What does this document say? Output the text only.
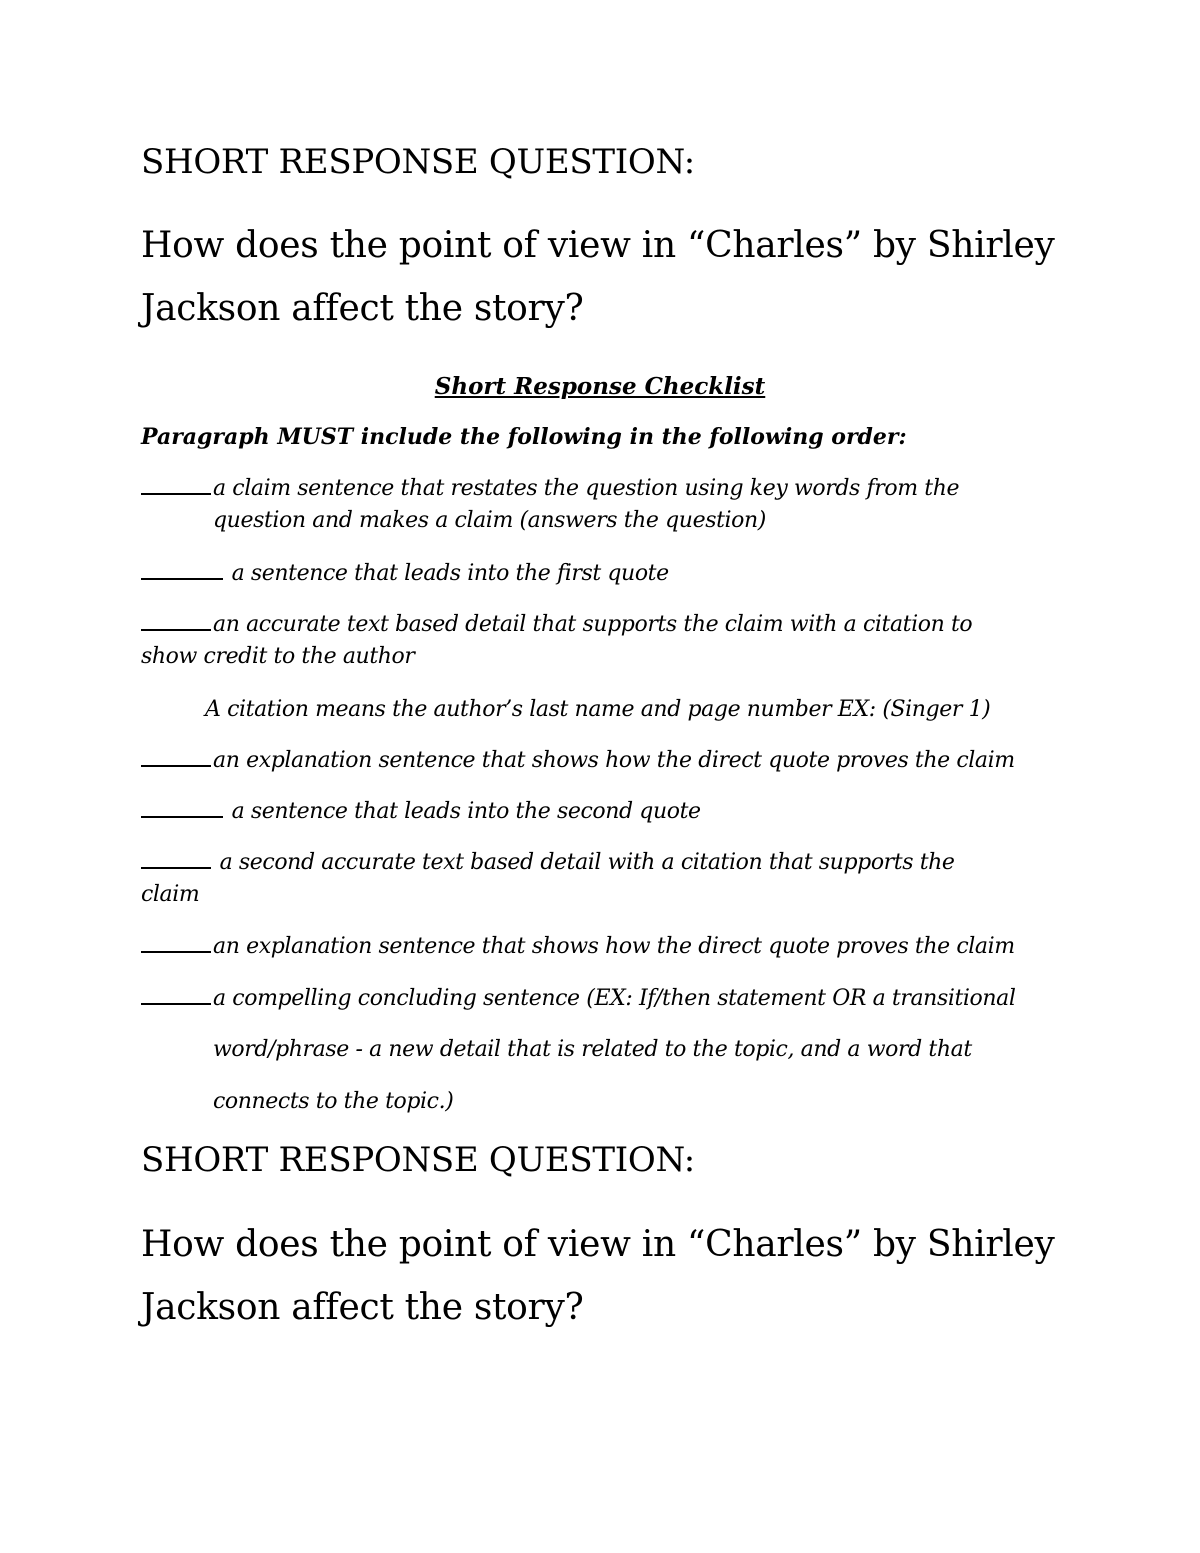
SHORT RESPONSE QUESTION:
How does the point of view in “Charles” by Shirley
Jackson affect the story?
Short Response Checklist
Paragraph MUST include the following in the following order:
a claim sentence that restates the question using key words from the
question and makes a claim (answers the question)
a sentence that leads into the first quote
an accurate text based detail that supports the claim with a citation to
show credit to the author
A citation means the author’s last name and page number EX: (Singer 1)
an explanation sentence that shows how the direct quote proves the claim
a sentence that leads into the second quote
a second accurate text based detail with a citation that supports the
claim
an explanation sentence that shows how the direct quote proves the claim
a compelling concluding sentence (EX: If/then statement OR a transitional
word/phrase - a new detail that is related to the topic, and a word that
connects to the topic.)
SHORT RESPONSE QUESTION:
How does the point of view in “Charles” by Shirley
Jackson affect the story?
